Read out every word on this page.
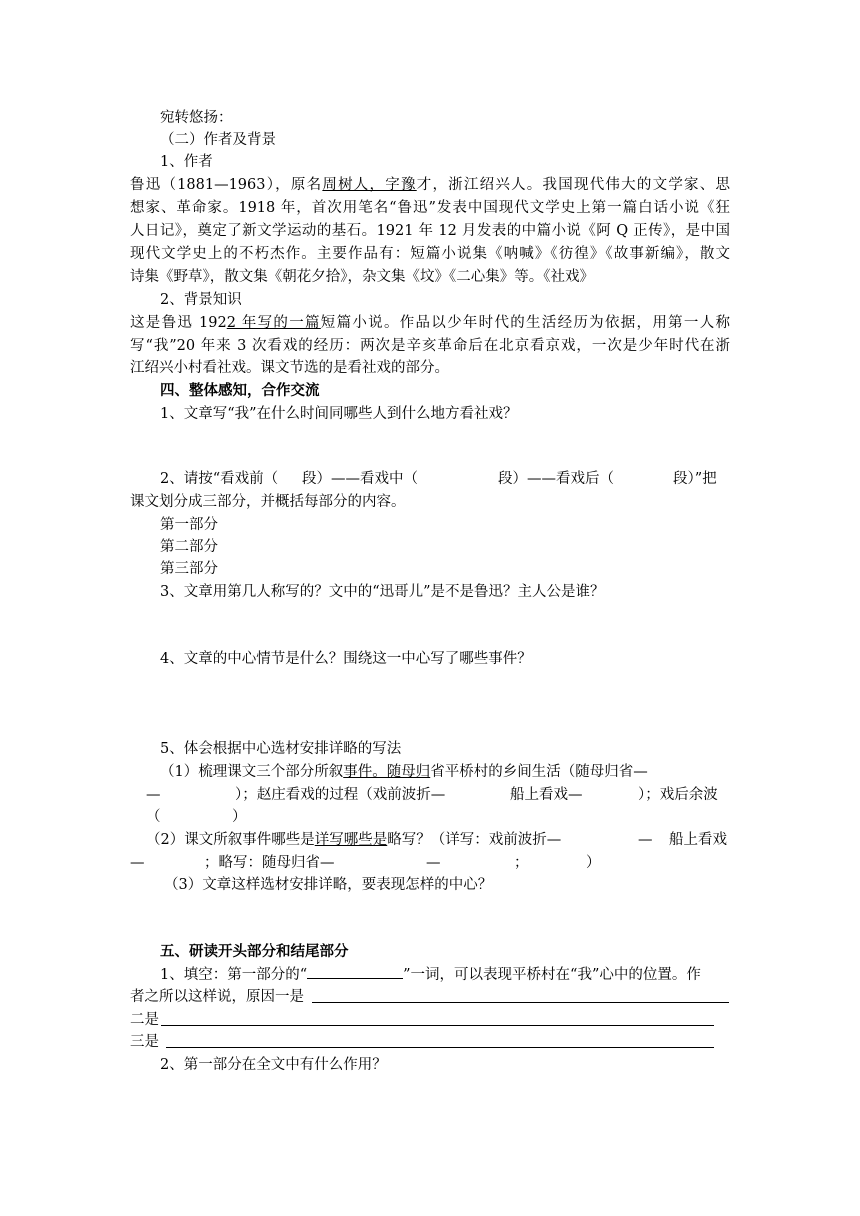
宛转悠扬：
（二）作者及背景
1、作者
鲁迅（1881—1963），原名周树人，字豫才，浙江绍兴人。我国现代伟大的文学家、思
想家、革命家。1918 年，首次用笔名“鲁迅”发表中国现代文学史上第一篇白话小说《狂
人日记》，奠定了新文学运动的基石。1921 年 12 月发表的中篇小说《阿 Q 正传》，是中国
现代文学史上的不朽杰作。主要作品有：短篇小说集《呐喊》《彷徨》《故事新编》，散文
诗集《野草》，散文集《朝花夕拾》，杂文集《坟》《二心集》等。《社戏》
2、背景知识
这是鲁迅 1922 年写的一篇短篇小说。作品以少年时代的生活经历为依据，用第一人称
写“我”20 年来 3 次看戏的经历：两次是辛亥革命后在北京看京戏，一次是少年时代在浙
江绍兴小村看社戏。课文节选的是看社戏的部分。
四、整体感知，合作交流
1、文章写“我”在什么时间同哪些人到什么地方看社戏？
2、请按“看戏前（ 段）——看戏中（	段）——看戏后（	段）”把
课文划分成三部分，并概括每部分的内容。
第一部分
第二部分
第三部分
3、文章用第几人称写的？文中的“迅哥儿”是不是鲁迅？主人公是谁？
4、文章的中心情节是什么？围绕这一中心写了哪些事件？
5、体会根据中心选材安排详略的写法
（1）梳理课文三个部分所叙事件。随母归省平桥村的乡间生活（随母归省—
—	）；赵庄看戏的过程（戏前波折—	船上看戏—	）；戏后余波
（	）
（2）课文所叙事件哪些是详写哪些是略写？（详写：戏前波折—	— 船上看戏
—	；略写：随母归省—	—	；	）
（3）文章这样选材安排详略，要表现怎样的中心？
五、研读开头部分和结尾部分
1、填空：第一部分的“	”一词，可以表现平桥村在“我”心中的位置。作
者之所以这样说，原因一是
二是
三是
2、第一部分在全文中有什么作用？
